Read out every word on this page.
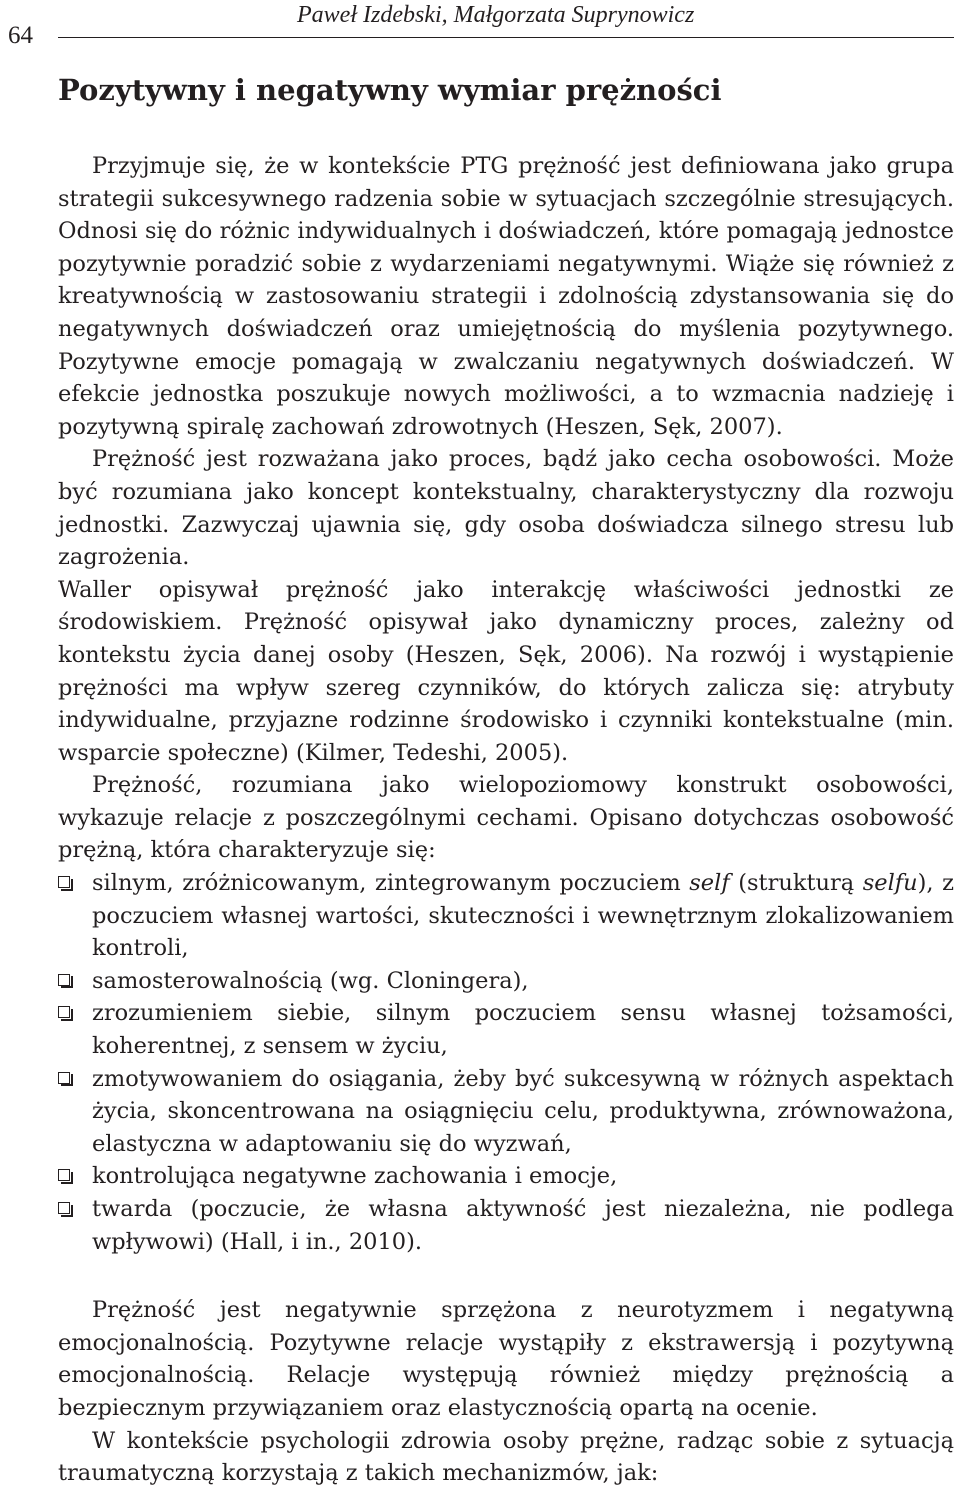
64
Paweł Izdebski, Małgorzata Suprynowicz
Pozytywny i negatywny wymiar prężności

Przyjmuje się, że w kontekście PTG prężność jest definiowana jako grupa strategii sukcesywnego radzenia sobie w sytuacjach szczególnie stresujących. Odnosi się do różnic indywidualnych i doświadczeń, które pomagają jednostce pozytywnie poradzić sobie z wydarzeniami negatywnymi. Wiąże się również z kreatywnością w zastosowaniu strategii i zdolnością zdystansowania się do negatywnych doświadczeń oraz umiejętnością do myślenia pozytywnego. Pozytywne emocje pomagają w zwalczaniu negatywnych doświadczeń. W efekcie jednostka poszukuje nowych możliwości, a to wzmacnia nadzieję i pozytywną spiralę zachowań zdrowotnych (Heszen, Sęk, 2007).

Prężność jest rozważana jako proces, bądź jako cecha osobowości. Może być rozumiana jako koncept kontekstualny, charakterystyczny dla rozwoju jednostki. Zazwyczaj ujawnia się, gdy osoba doświadcza silnego stresu lub zagrożenia.

Waller opisywał prężność jako interakcję właściwości jednostki ze środowiskiem. Prężność opisywał jako dynamiczny proces, zależny od kontekstu życia danej osoby (Heszen, Sęk, 2006). Na rozwój i wystąpienie prężności ma wpływ szereg czynników, do których zalicza się: atrybuty indywidualne, przyjazne rodzinne środowisko i czynniki kontekstualne (min. wsparcie społeczne) (Kilmer, Tedeshi, 2005).

Prężność, rozumiana jako wielopoziomowy konstrukt osobowości, wykazuje relacje z poszczególnymi cechami. Opisano dotychczas osobowość prężną, która charakteryzuje się:

silnym, zróżnicowanym, zintegrowanym poczuciem self (strukturą selfu), z poczuciem własnej wartości, skuteczności i wewnętrznym zlokalizowaniem kontroli,
samosterowalnością (wg. Cloningera),
zrozumieniem siebie, silnym poczuciem sensu własnej tożsamości, koherentnej, z sensem w życiu,
zmotywowaniem do osiągania, żeby być sukcesywną w różnych aspektach życia, skoncentrowana na osiągnięciu celu, produktywna, zrównoważona, elastyczna w adaptowaniu się do wyzwań,
kontrolująca negatywne zachowania i emocje,
twarda (poczucie, że własna aktywność jest niezależna, nie podlega wpływowi) (Hall, i in., 2010).

Prężność jest negatywnie sprzężona z neurotyzmem i negatywną emocjonalnością. Pozytywne relacje wystąpiły z ekstrawersją i pozytywną emocjonalnością. Relacje występują również między prężnością a bezpiecznym przywiązaniem oraz elastycznością opartą na ocenie.

W kontekście psychologii zdrowia osoby prężne, radząc sobie z sytuacją traumatyczną korzystają z takich mechanizmów, jak:
